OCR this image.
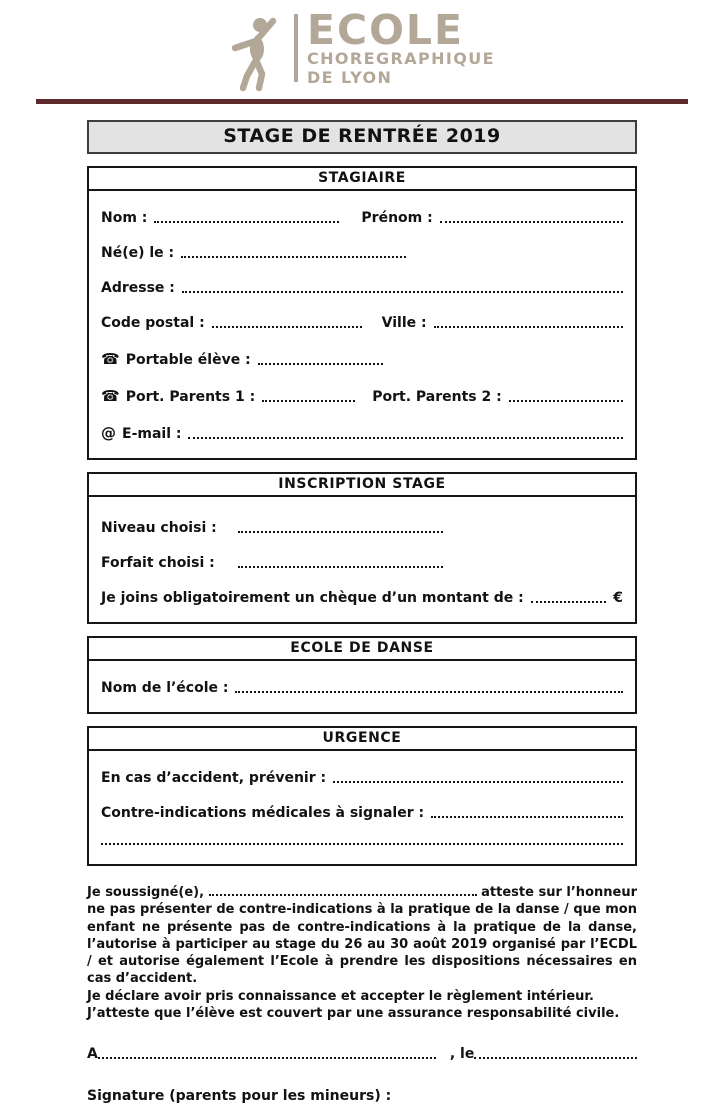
ECOLE
CHOREGRAPHIQUE
DE LYON
STAGE DE RENTRÉE 2019
STAGIAIRE
Nom :	Prénom :
Né(e) le :
Adresse :
Code postal :	Ville :
☎ Portable élève :
☎ Port. Parents 1 :	Port. Parents 2 :
@ E-mail :
INSCRIPTION STAGE
Niveau choisi :
Forfait choisi :
Je joins obligatoirement un chèque d’un montant de :	€
ECOLE DE DANSE
Nom de l’école :
URGENCE
En cas d’accident, prévenir :
Contre-indications médicales à signaler :

Je soussigné(e),	atteste sur l’honneur ne pas présenter de contre-indications à la pratique de la danse / que mon enfant ne présente pas de contre-indications à la pratique de la danse, l’autorise à participer au stage du 26 au 30 août 2019 organisé par l’ECDL / et autorise également l’Ecole à prendre les dispositions nécessaires en cas d’accident.

Je déclare avoir pris connaissance et accepter le règlement intérieur.

J’atteste que l’élève est couvert par une assurance responsabilité civile.

A	, le
Signature (parents pour les mineurs) :
